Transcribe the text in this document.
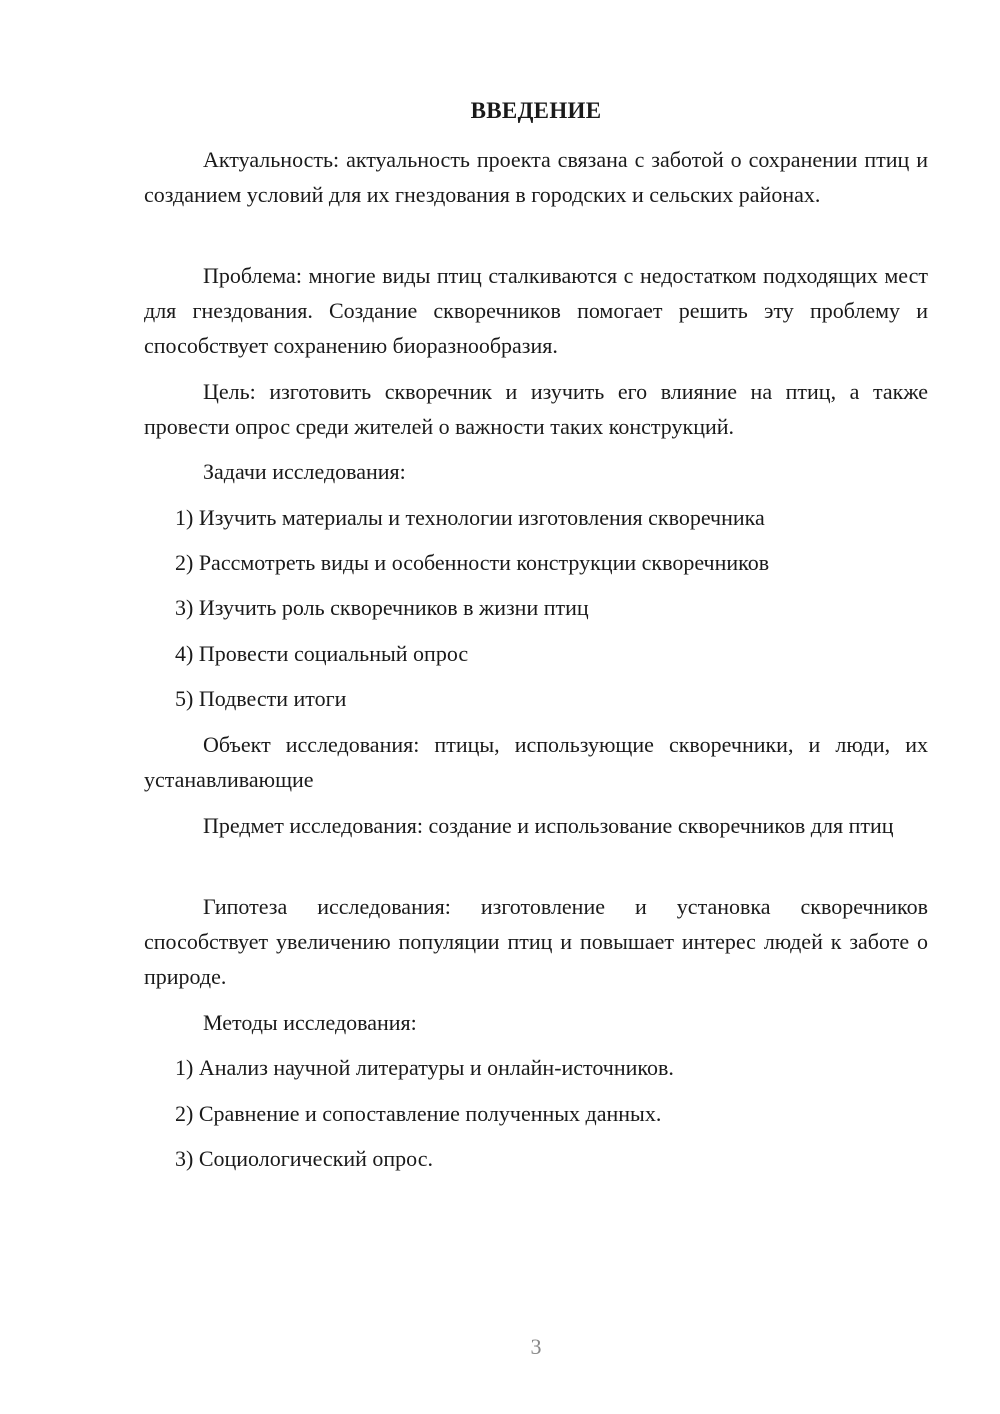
ВВЕДЕНИЕ

Актуальность: актуальность проекта связана с заботой о сохранении птиц и созданием условий для их гнездования в городских и сельских районах.

Проблема: многие виды птиц сталкиваются с недостатком подходящих мест для гнездования. Создание скворечников помогает решить эту проблему и способствует сохранению биоразнообразия.

Цель: изготовить скворечник и изучить его влияние на птиц, а также провести опрос среди жителей о важности таких конструкций.

Задачи исследования:

1) Изучить материалы и технологии изготовления скворечника

2) Рассмотреть виды и особенности конструкции скворечников

3) Изучить роль скворечников в жизни птиц

4) Провести социальный опрос

5) Подвести итоги

Объект исследования: птицы, использующие скворечники, и люди, их устанавливающие

Предмет исследования: создание и использование скворечников для птиц

Гипотеза исследования: изготовление и установка скворечников способствует увеличению популяции птиц и повышает интерес людей к заботе о природе.

Методы исследования:

1) Анализ научной литературы и онлайн-источников.

2) Сравнение и сопоставление полученных данных.

3) Социологический опрос.

3
